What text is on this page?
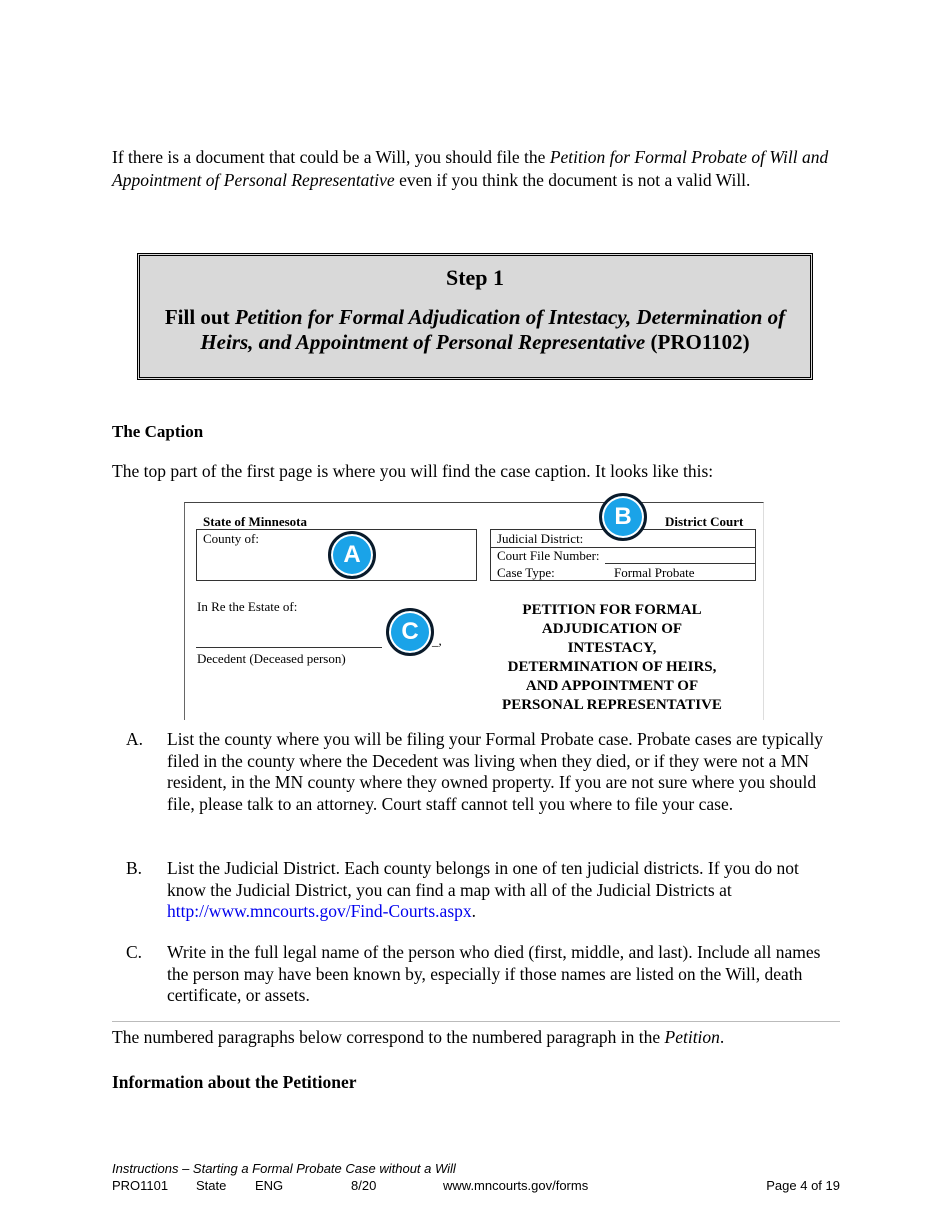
If there is a document that could be a Will, you should file the Petition for Formal Probate of Will and Appointment of Personal Representative even if you think the document is not a valid Will.

Step 1
Fill out Petition for Formal Adjudication of Intestacy, Determination of Heirs, and Appointment of Personal Representative (PRO1102)
The Caption
The top part of the first page is where you will find the case caption. It looks like this:
State of Minnesota	District Court
County of:	Judicial District:
Court File Number:
Case Type:	Formal Probate
In Re the Estate of:
_,
Decedent (Deceased person)
PETITION FOR FORMAL
ADJUDICATION OF
INTESTACY,
DETERMINATION OF HEIRS,
AND APPOINTMENT OF
PERSONAL REPRESENTATIVE
A
B
C
A. List the county where you will be filing your Formal Probate case. Probate cases are typically filed in the county where the Decedent was living when they died, or if they were not a MN resident, in the MN county where they owned property. If you are not sure where you should file, please talk to an attorney. Court staff cannot tell you where to file your case.
B. List the Judicial District. Each county belongs in one of ten judicial districts. If you do not know the Judicial District, you can find a map with all of the Judicial Districts at http://www.mncourts.gov/Find-Courts.aspx.
C. Write in the full legal name of the person who died (first, middle, and last). Include all names the person may have been known by, especially if those names are listed on the Will, death certificate, or assets.
The numbered paragraphs below correspond to the numbered paragraph in the Petition.
Information about the Petitioner
Instructions – Starting a Formal Probate Case without a Will
PRO1101 State ENG	8/20	www.mncourts.gov/forms	Page 4 of 19
